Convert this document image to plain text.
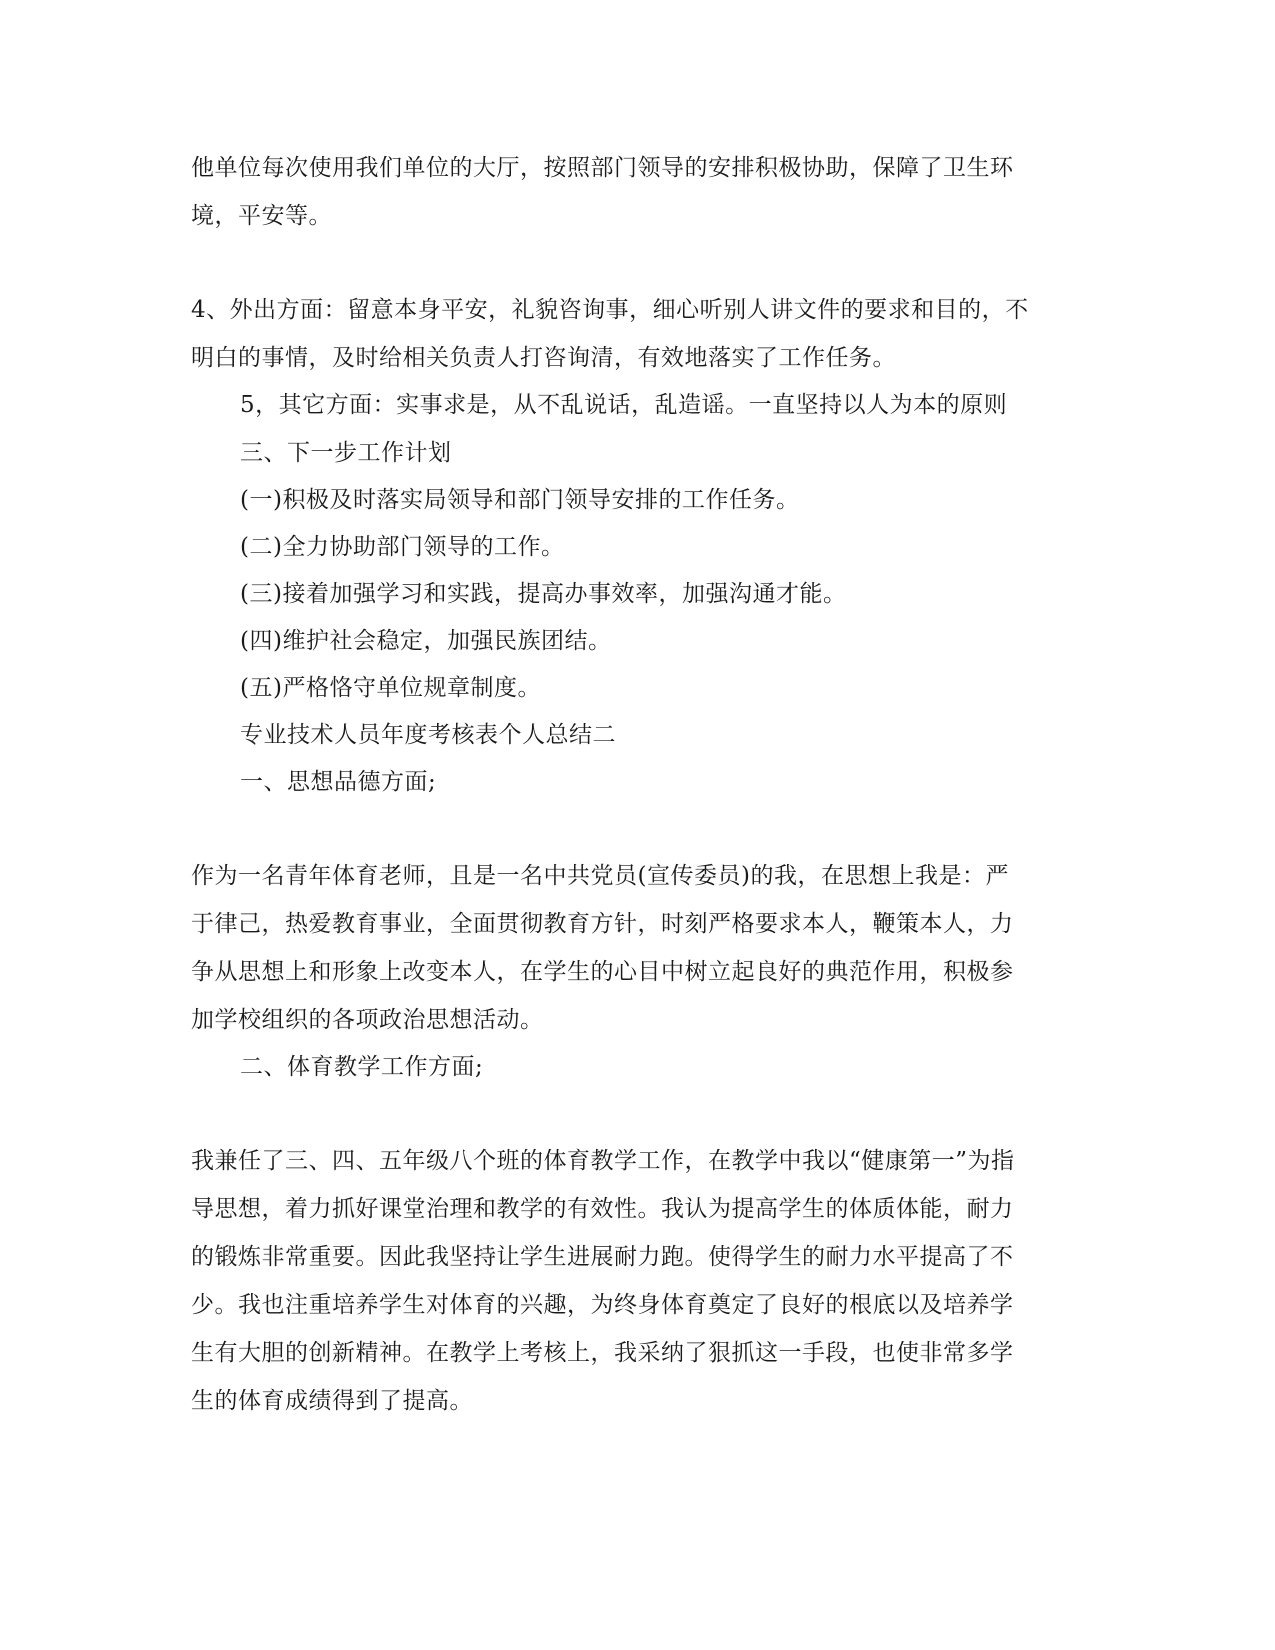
他单位每次使用我们单位的大厅，按照部门领导的安排积极协助，保障了卫生环
境，平安等。
4、外出方面：留意本身平安，礼貌咨询事，细心听别人讲文件的要求和目的，不
明白的事情，及时给相关负责人打咨询清，有效地落实了工作任务。
5，其它方面：实事求是，从不乱说话，乱造谣。一直坚持以人为本的原则
三、下一步工作计划
(一)积极及时落实局领导和部门领导安排的工作任务。
(二)全力协助部门领导的工作。
(三)接着加强学习和实践，提高办事效率，加强沟通才能。
(四)维护社会稳定，加强民族团结。
(五)严格恪守单位规章制度。
专业技术人员年度考核表个人总结二
一、思想品德方面;
作为一名青年体育老师，且是一名中共党员(宣传委员)的我，在思想上我是：严
于律己，热爱教育事业，全面贯彻教育方针，时刻严格要求本人，鞭策本人，力
争从思想上和形象上改变本人，在学生的心目中树立起良好的典范作用，积极参
加学校组织的各项政治思想活动。
二、体育教学工作方面;
我兼任了三、四、五年级八个班的体育教学工作，在教学中我以“健康第一”为指
导思想，着力抓好课堂治理和教学的有效性。我认为提高学生的体质体能，耐力
的锻炼非常重要。因此我坚持让学生进展耐力跑。使得学生的耐力水平提高了不
少。我也注重培养学生对体育的兴趣，为终身体育奠定了良好的根底以及培养学
生有大胆的创新精神。在教学上考核上，我采纳了狠抓这一手段，也使非常多学
生的体育成绩得到了提高。
